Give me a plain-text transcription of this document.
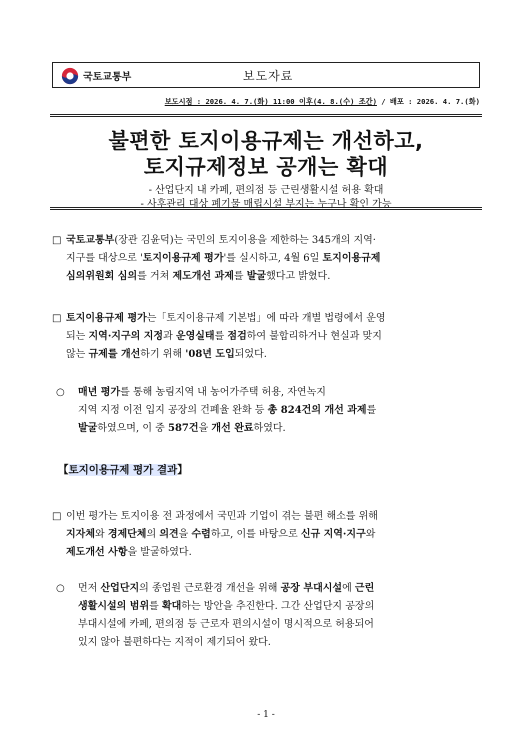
국토교통부	보도자료
보도시점 : 2026. 4. 7.(화) 11:00 이후(4. 8.(수) 조간) / 배포 : 2026. 4. 7.(화)
불편한 토지이용규제는 개선하고,
토지규제정보 공개는 확대
- 산업단지 내 카페, 편의점 등 근린생활시설 허용 확대
- 사후관리 대상 폐기물 매립시설 부지는 누구나 확인 가능
□ 국토교통부(장관 김윤덕)는 국민의 토지이용을 제한하는 345개의 지역·
지구를 대상으로 '토지이용규제 평가'를 실시하고, 4월 6일 토지이용규제
심의위원회 심의를 거쳐 제도개선 과제를 발굴했다고 밝혔다.
□ 토지이용규제 평가는「토지이용규제 기본법」에 따라 개별 법령에서 운영
되는 지역·지구의 지정과 운영실태를 점검하여 불합리하거나 현실과 맞지
않는 규제를 개선하기 위해 '08년 도입되었다.
○ 매년 평가를 통해 농림지역 내 농어가주택 허용, 자연녹지
지역 지정 이전 입지 공장의 건폐율 완화 등 총 824건의 개선 과제를
발굴하였으며, 이 중 587건을 개선 완료하였다.
【토지이용규제 평가 결과】
□ 이번 평가는 토지이용 전 과정에서 국민과 기업이 겪는 불편 해소를 위해
지자체와 경제단체의 의견을 수렴하고, 이를 바탕으로 신규 지역·지구와
제도개선 사항을 발굴하였다.
○ 먼저 산업단지의 종업원 근로환경 개선을 위해 공장 부대시설에 근린
생활시설의 범위를 확대하는 방안을 추진한다. 그간 산업단지 공장의
부대시설에 카페, 편의점 등 근로자 편의시설이 명시적으로 허용되어
있지 않아 불편하다는 지적이 제기되어 왔다.
- 1 -
